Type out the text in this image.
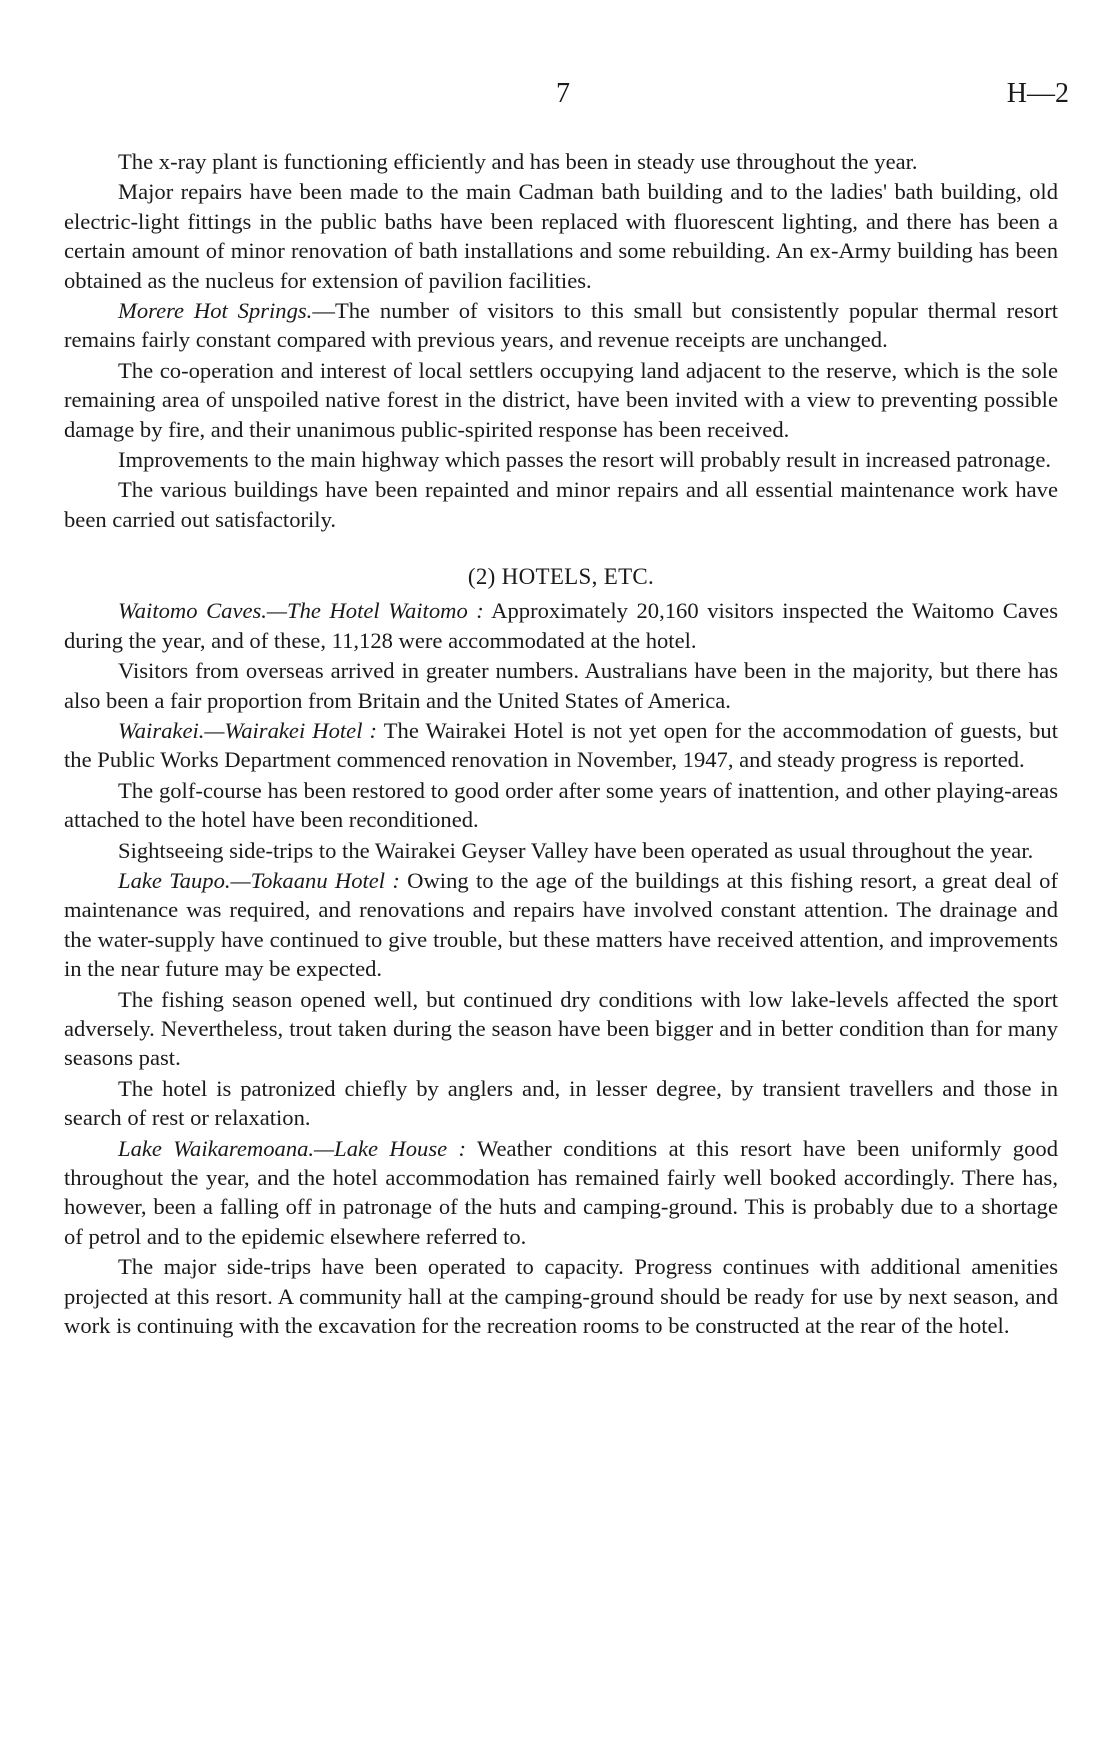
7	H—2

The x-ray plant is functioning efficiently and has been in steady use throughout the year.

Major repairs have been made to the main Cadman bath building and to the ladies' bath building, old electric-light fittings in the public baths have been replaced with fluorescent lighting, and there has been a certain amount of minor renovation of bath installations and some rebuilding. An ex-Army building has been obtained as the nucleus for extension of pavilion facilities.

Morere Hot Springs.—The number of visitors to this small but consistently popular thermal resort remains fairly constant compared with previous years, and revenue receipts are unchanged.

The co-operation and interest of local settlers occupying land adjacent to the reserve, which is the sole remaining area of unspoiled native forest in the district, have been invited with a view to preventing possible damage by fire, and their unanimous public-spirited response has been received.

Improvements to the main highway which passes the resort will probably result in increased patronage.

The various buildings have been repainted and minor repairs and all essential maintenance work have been carried out satisfactorily.

(2) HOTELS, ETC.

Waitomo Caves.—The Hotel Waitomo : Approximately 20,160 visitors inspected the Waitomo Caves during the year, and of these, 11,128 were accommodated at the hotel.

Visitors from overseas arrived in greater numbers. Australians have been in the majority, but there has also been a fair proportion from Britain and the United States of America.

Wairakei.—Wairakei Hotel : The Wairakei Hotel is not yet open for the accommodation of guests, but the Public Works Department commenced renovation in November, 1947, and steady progress is reported.

The golf-course has been restored to good order after some years of inattention, and other playing-areas attached to the hotel have been reconditioned.

Sightseeing side-trips to the Wairakei Geyser Valley have been operated as usual throughout the year.

Lake Taupo.—Tokaanu Hotel : Owing to the age of the buildings at this fishing resort, a great deal of maintenance was required, and renovations and repairs have involved constant attention. The drainage and the water-supply have continued to give trouble, but these matters have received attention, and improvements in the near future may be expected.

The fishing season opened well, but continued dry conditions with low lake-levels affected the sport adversely. Nevertheless, trout taken during the season have been bigger and in better condition than for many seasons past.

The hotel is patronized chiefly by anglers and, in lesser degree, by transient travellers and those in search of rest or relaxation.

Lake Waikaremoana.—Lake House : Weather conditions at this resort have been uniformly good throughout the year, and the hotel accommodation has remained fairly well booked accordingly. There has, however, been a falling off in patronage of the huts and camping-ground. This is probably due to a shortage of petrol and to the epidemic elsewhere referred to.

The major side-trips have been operated to capacity. Progress continues with additional amenities projected at this resort. A community hall at the camping-ground should be ready for use by next season, and work is continuing with the excavation for the recreation rooms to be constructed at the rear of the hotel.
